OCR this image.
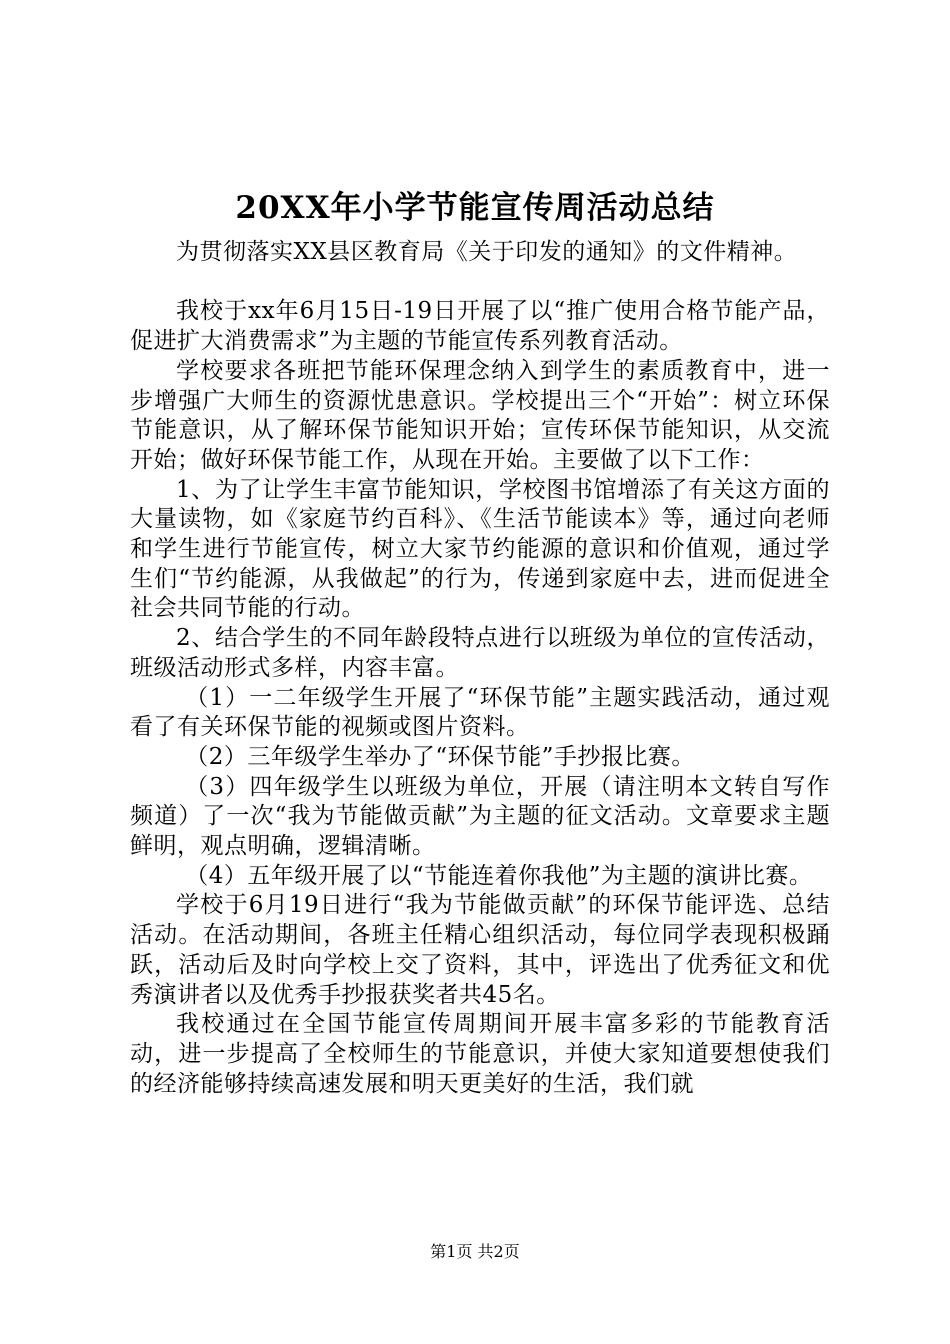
20XX年小学节能宣传周活动总结

为贯彻落实XX县区教育局《关于印发的通知》的文件精神。

我校于xx年6月15日-19日开展了以“推广使用合格节能产品，促进扩大消费需求”为主题的节能宣传系列教育活动。

学校要求各班把节能环保理念纳入到学生的素质教育中，进一步增强广大师生的资源忧患意识。学校提出三个“开始”：树立环保节能意识，从了解环保节能知识开始；宣传环保节能知识，从交流开始；做好环保节能工作，从现在开始。主要做了以下工作：

1、为了让学生丰富节能知识，学校图书馆增添了有关这方面的大量读物，如《家庭节约百科》、《生活节能读本》等，通过向老师和学生进行节能宣传，树立大家节约能源的意识和价值观，通过学生们“节约能源，从我做起”的行为，传递到家庭中去，进而促进全社会共同节能的行动。

2、结合学生的不同年龄段特点进行以班级为单位的宣传活动，班级活动形式多样，内容丰富。

（1）一二年级学生开展了“环保节能”主题实践活动，通过观看了有关环保节能的视频或图片资料。

（2）三年级学生举办了“环保节能”手抄报比赛。

（3）四年级学生以班级为单位，开展（请注明本文转自写作频道）了一次“我为节能做贡献”为主题的征文活动。文章要求主题鲜明，观点明确，逻辑清晰。

（4）五年级开展了以“节能连着你我他”为主题的演讲比赛。

学校于6月19日进行“我为节能做贡献”的环保节能评选、总结活动。在活动期间，各班主任精心组织活动，每位同学表现积极踊跃，活动后及时向学校上交了资料，其中，评选出了优秀征文和优秀演讲者以及优秀手抄报获奖者共45名。

我校通过在全国节能宣传周期间开展丰富多彩的节能教育活动，进一步提高了全校师生的节能意识，并使大家知道要想使我们的经济能够持续高速发展和明天更美好的生活，我们就

第1页 共2页
